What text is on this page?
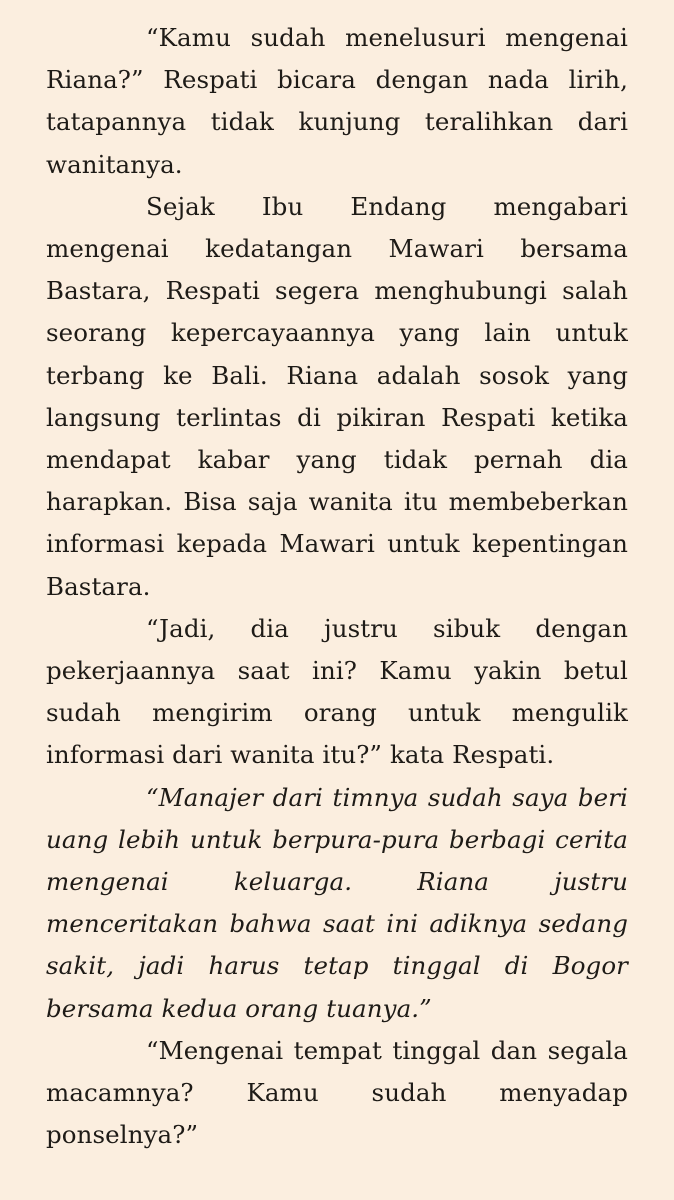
“Kamu sudah menelusuri mengenai Riana?” Respati bicara dengan nada lirih, tatapannya tidak kunjung teralihkan dari wanitanya.

Sejak Ibu Endang mengabari mengenai kedatangan Mawari bersama Bastara, Respati segera menghubungi salah seorang kepercayaannya yang lain untuk terbang ke Bali. Riana adalah sosok yang langsung terlintas di pikiran Respati ketika mendapat kabar yang tidak pernah dia harapkan. Bisa saja wanita itu membeberkan informasi kepada Mawari untuk kepentingan Bastara.

“Jadi, dia justru sibuk dengan pekerjaannya saat ini? Kamu yakin betul sudah mengirim orang untuk mengulik informasi dari wanita itu?” kata Respati.

“Manajer dari timnya sudah saya beri uang lebih untuk berpura-pura berbagi cerita mengenai keluarga. Riana justru menceritakan bahwa saat ini adiknya sedang sakit, jadi harus tetap tinggal di Bogor bersama kedua orang tuanya.”

“Mengenai tempat tinggal dan segala macamnya? Kamu sudah menyadap ponselnya?”
